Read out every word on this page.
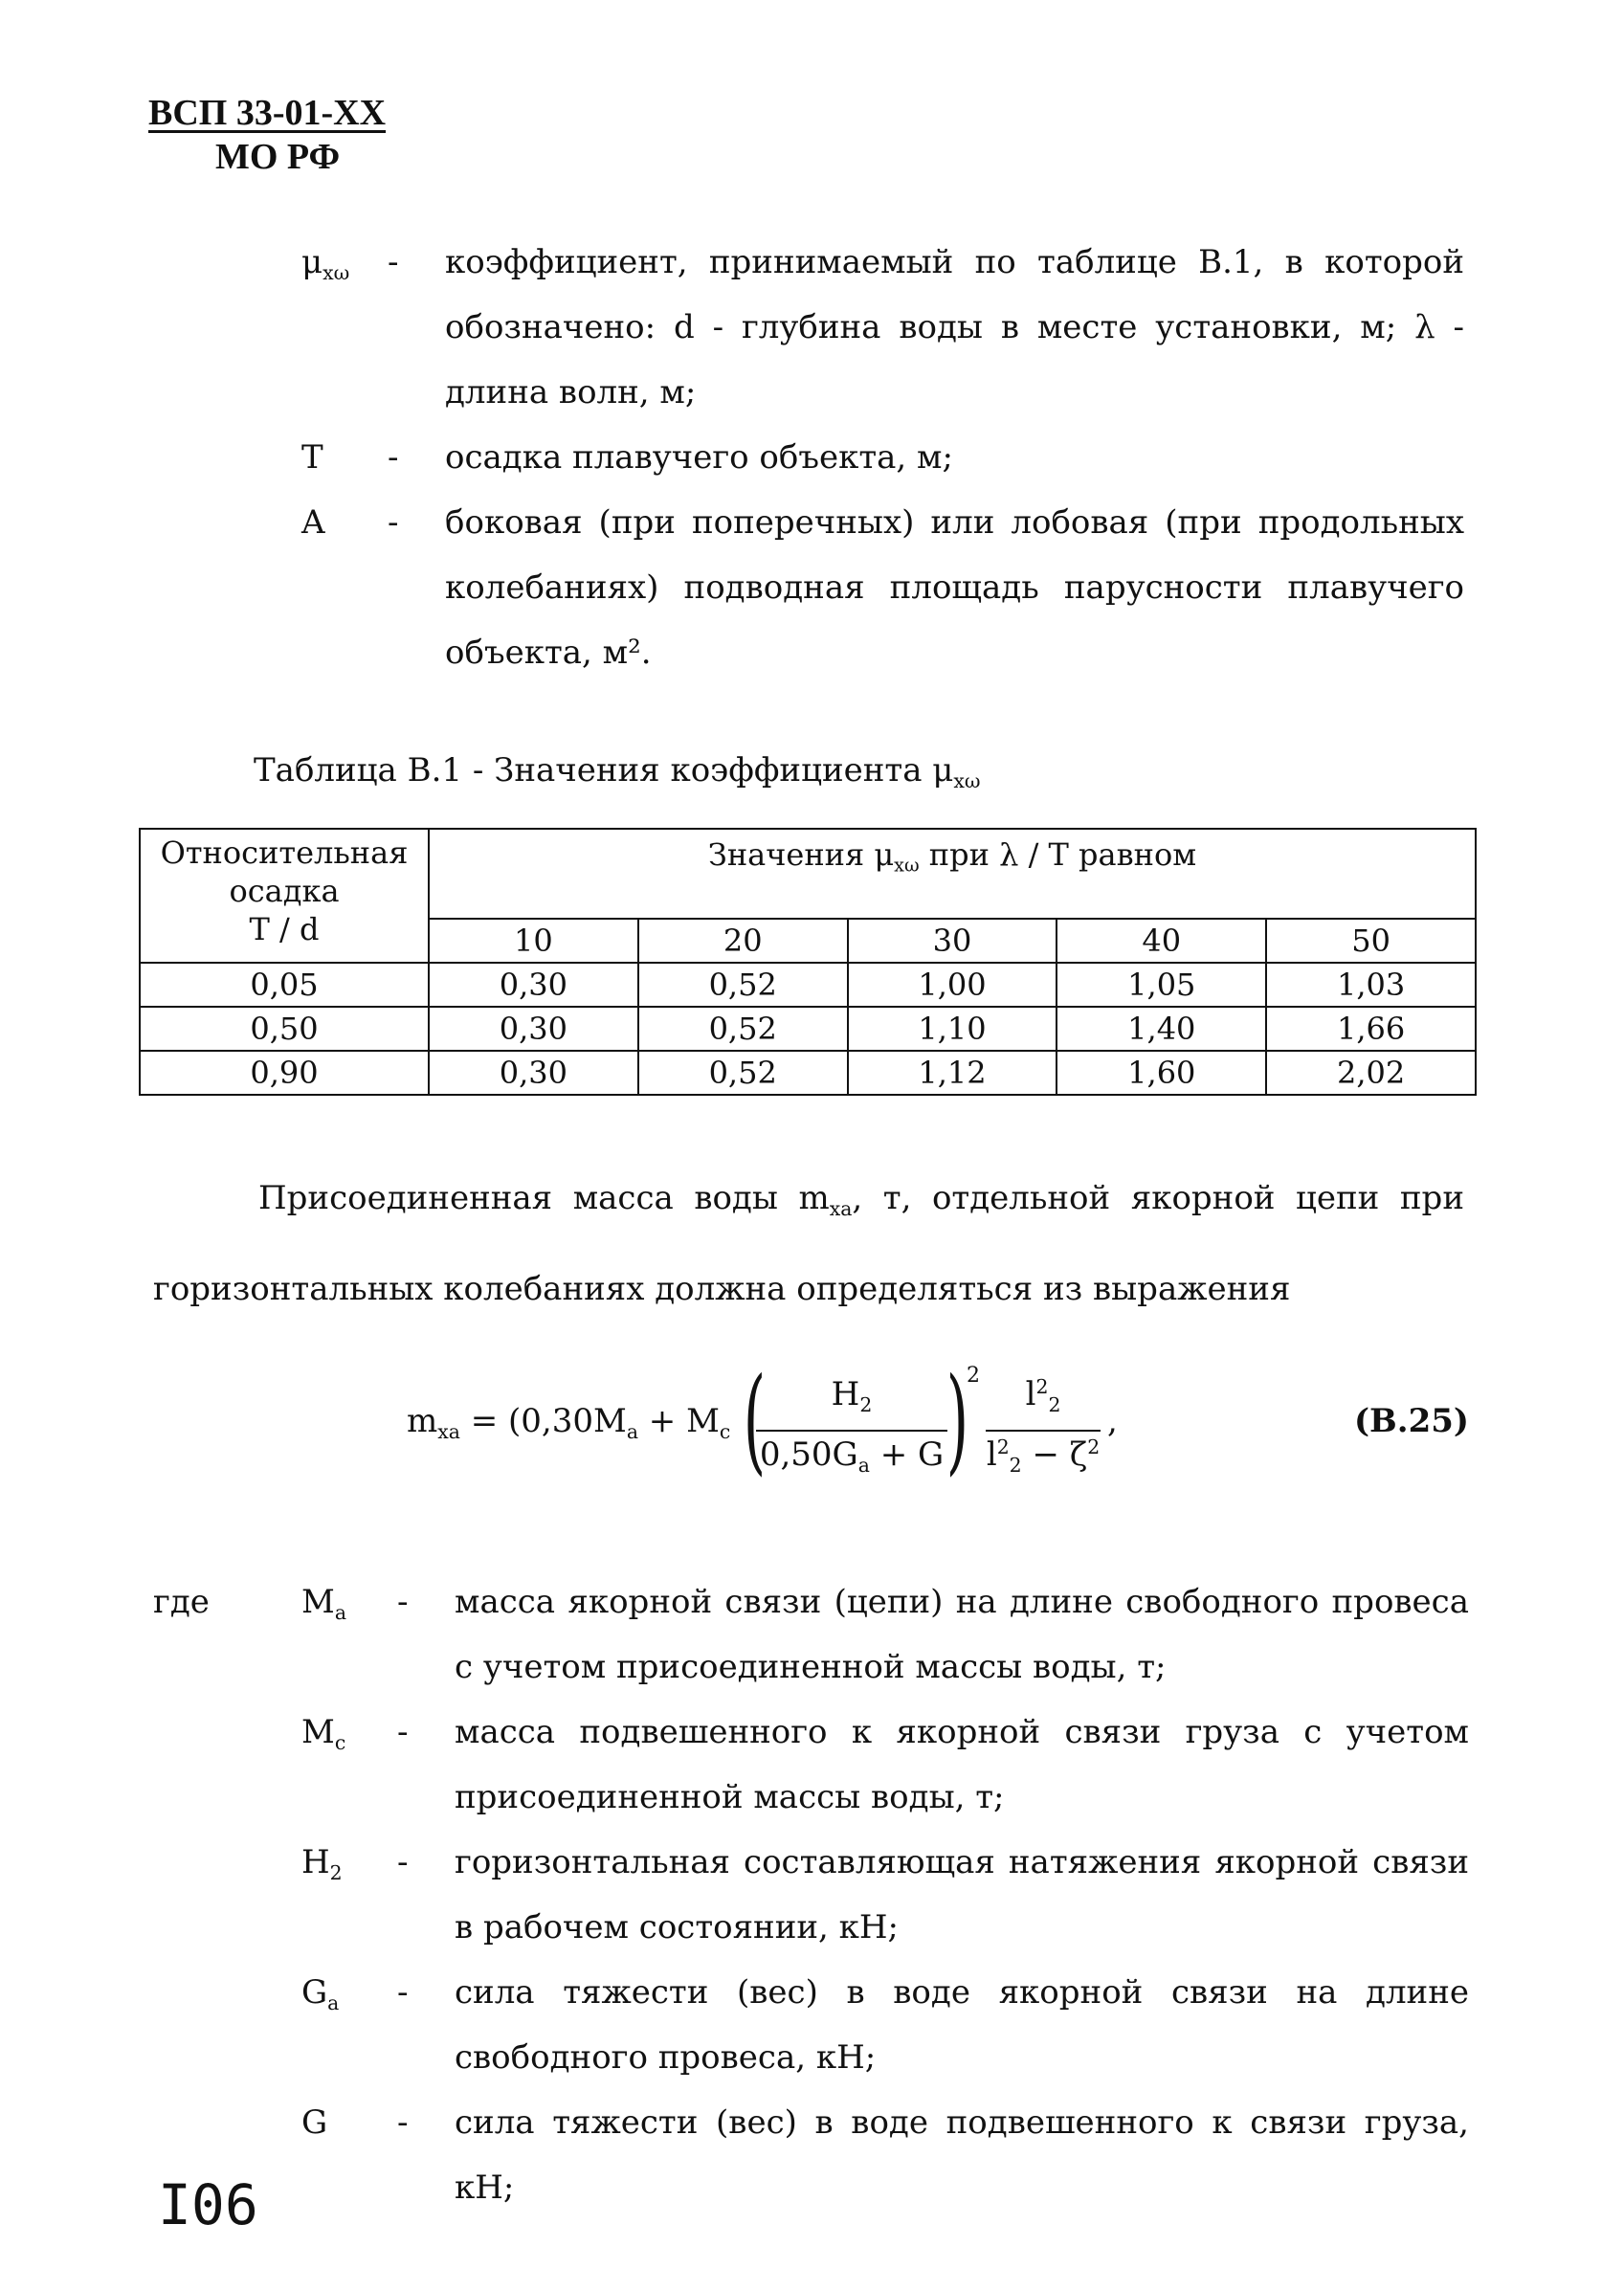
ВСП 33-01-XX
МО РФ
$\mu_{x\omega}$	-	коэффициент, принимаемый по таблице В.1, в которой обозначено: d - глубина воды в месте установки, м; λ - длина волн, м;
T	-	осадка плавучего объекта, м;
A	-	боковая (при поперечных) или лобовая (при продольных колебаниях) подводная площадь парусности плавучего объекта, м².
Таблица В.1 - Значения коэффициента $\mu_{x\omega}$
Относительная
осадка
T / d	Значения $\mu_{x\omega}$ при λ / T равном				
	10	20	30	40	50
0,05	0,30	0,52	1,00	1,05	1,03
0,50	0,30	0,52	1,10	1,40	1,66
0,90	0,30	0,52	1,12	1,60	2,02
Присоединенная масса воды $m_{xa}$, т, отдельной якорной цепи при
горизонтальных колебаниях должна определяться из выражения
$m_{xa} = (0,30M_a + M_c$ (
$\frac{H_2}{0,50G_a + G}$
)
$2 \frac{l^2_2}{l^2_2 - \zeta^2}$ ,	(В.25)
где	$M_a$	-	масса якорной связи (цепи) на длине свободного провеса с учетом присоединенной массы воды, т;
$M_c$	-	масса подвешенного к якорной связи груза с учетом присоединенной массы воды, т;
$H_2$	-	горизонтальная составляющая натяжения якорной связи в рабочем состоянии, кН;
$G_a$	-	сила тяжести (вес) в воде якорной связи на длине свободного провеса, кН;
G	-	сила тяжести (вес) в воде подвешенного к связи груза, кН;
I06
